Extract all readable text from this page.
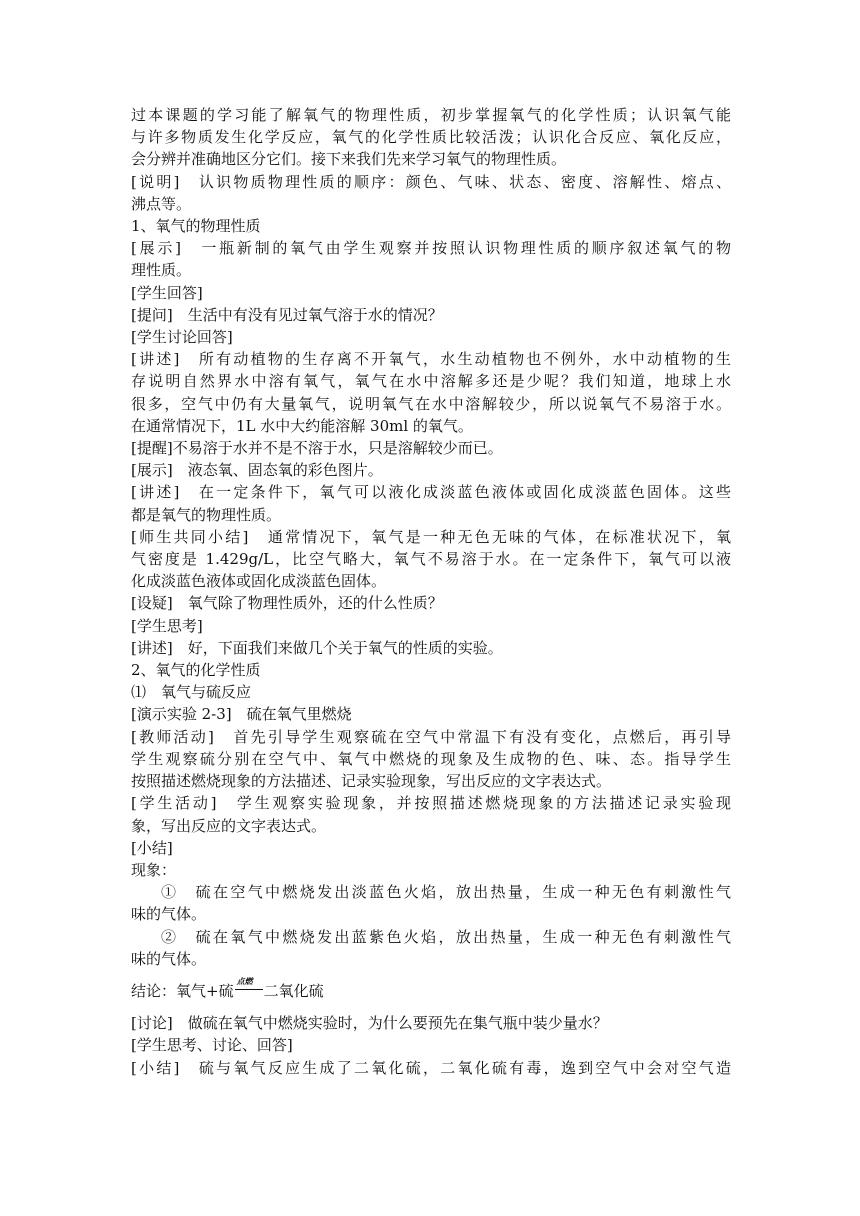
过本课题的学习能了解氧气的物理性质，初步掌握氧气的化学性质；认识氧气能
与许多物质发生化学反应，氧气的化学性质比较活泼；认识化合反应、氧化反应，
会分辨并准确地区分它们。接下来我们先来学习氧气的物理性质。
[说明]　认识物质物理性质的顺序：颜色、气味、状态、密度、溶解性、熔点、
沸点等。
1、氧气的物理性质
[展示]　一瓶新制的氧气由学生观察并按照认识物理性质的顺序叙述氧气的物
理性质。
[学生回答]
[提问]　生活中有没有见过氧气溶于水的情况？
[学生讨论回答]
[讲述]　所有动植物的生存离不开氧气，水生动植物也不例外，水中动植物的生
存说明自然界水中溶有氧气，氧气在水中溶解多还是少呢？我们知道，地球上水
很多，空气中仍有大量氧气，说明氧气在水中溶解较少，所以说氧气不易溶于水。
在通常情况下，1L 水中大约能溶解 30ml 的氧气。
[提醒]不易溶于水并不是不溶于水，只是溶解较少而已。
[展示]　液态氧、固态氧的彩色图片。
[讲述]　在一定条件下，氧气可以液化成淡蓝色液体或固化成淡蓝色固体。这些
都是氧气的物理性质。
[师生共同小结]　通常情况下，氧气是一种无色无味的气体，在标准状况下，氧
气密度是 1.429g/L，比空气略大，氧气不易溶于水。在一定条件下，氧气可以液
化成淡蓝色液体或固化成淡蓝色固体。
[设疑]　氧气除了物理性质外，还的什么性质？
[学生思考]
[讲述]　好，下面我们来做几个关于氧气的性质的实验。
2、氧气的化学性质
⑴　氧气与硫反应
[演示实验 2-3]　硫在氧气里燃烧
[教师活动]　首先引导学生观察硫在空气中常温下有没有变化，点燃后，再引导
学生观察硫分别在空气中、氧气中燃烧的现象及生成物的色、味、态。指导学生
按照描述燃烧现象的方法描述、记录实验现象，写出反应的文字表达式。
[学生活动]　学生观察实验现象，并按照描述燃烧现象的方法描述记录实验现
象，写出反应的文字表达式。
[小结]
现象：
①　硫在空气中燃烧发出淡蓝色火焰，放出热量，生成一种无色有刺激性气
味的气体。
②　硫在氧气中燃烧发出蓝紫色火焰，放出热量，生成一种无色有刺激性气
味的气体。
结论：氧气+硫
点燃
二氧化硫
[讨论]　做硫在氧气中燃烧实验时，为什么要预先在集气瓶中装少量水？
[学生思考、讨论、回答]
[小结]　硫与氧气反应生成了二氧化硫，二氧化硫有毒，逸到空气中会对空气造
